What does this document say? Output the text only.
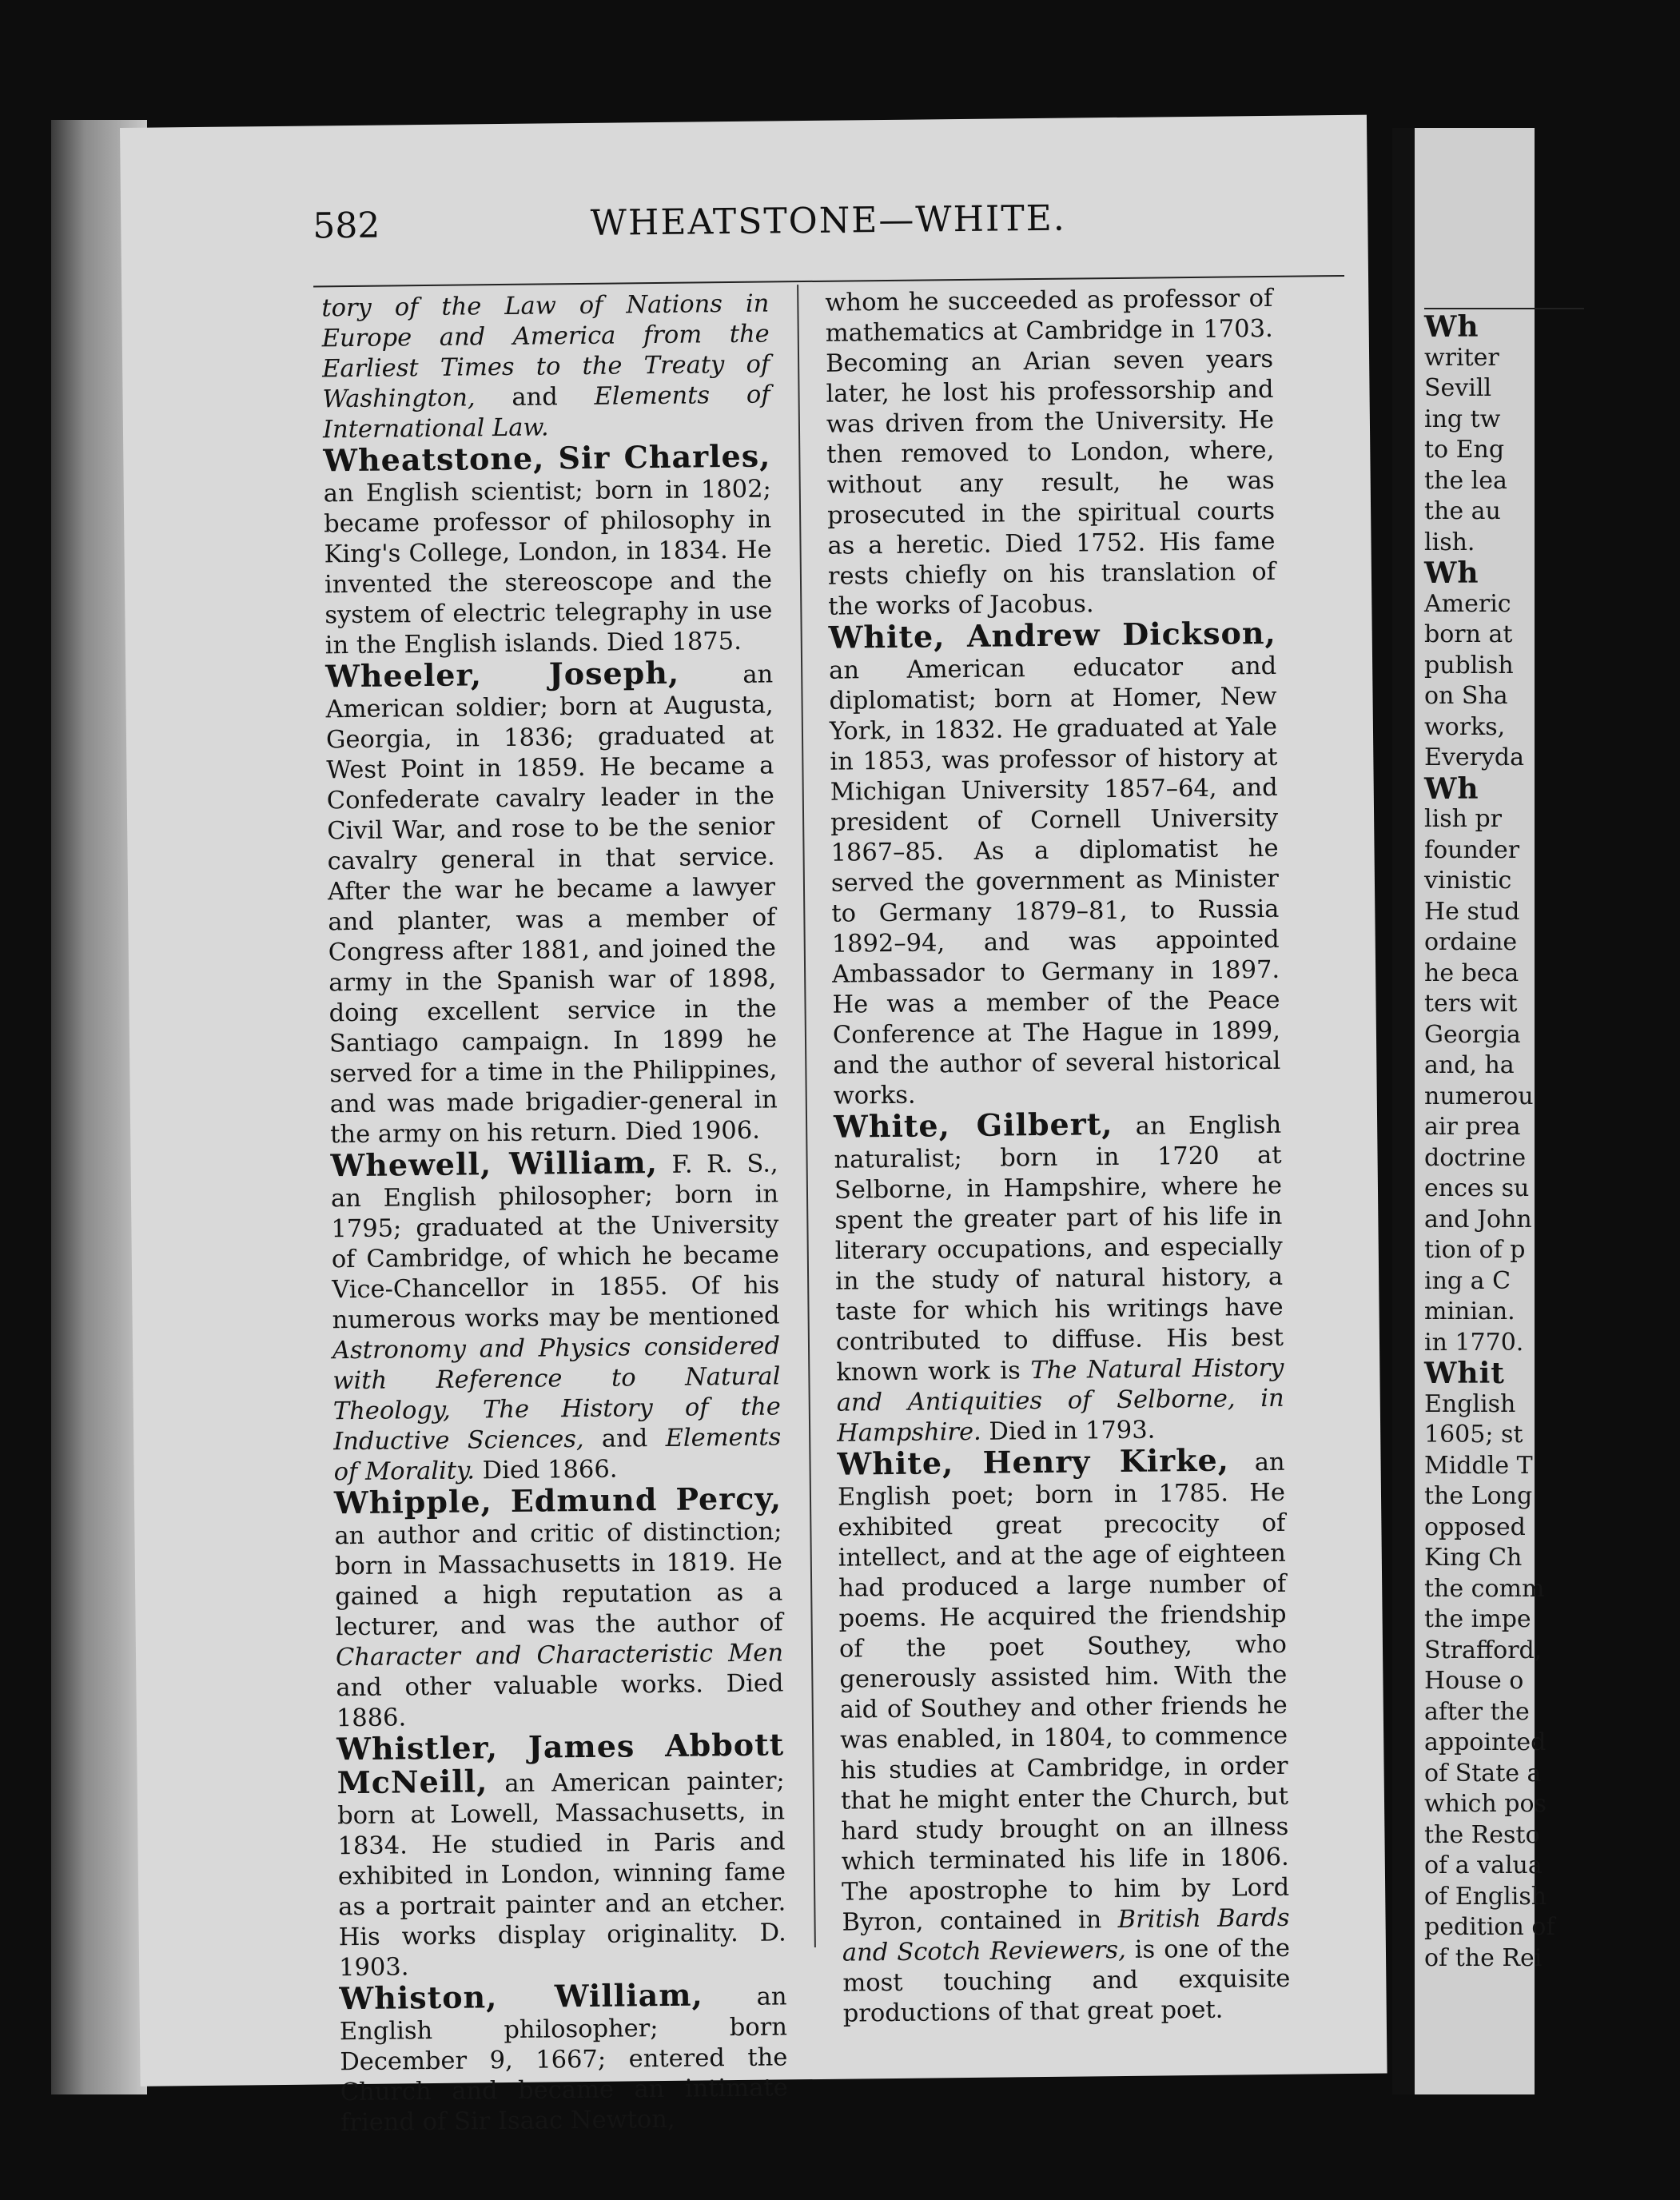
582	WHEATSTONE—WHITE.

tory of the Law of Nations in Europe and America from the Earliest Times to the Treaty of Washington, and Elements of International Law.

Wheatstone, Sir Charles, an English scientist; born in 1802; became professor of philosophy in King's College, London, in 1834. He invented the stereoscope and the system of electric telegraphy in use in the English islands. Died 1875.

Wheeler, Joseph, an American soldier; born at Augusta, Georgia, in 1836; graduated at West Point in 1859. He became a Confederate cavalry leader in the Civil War, and rose to be the senior cavalry general in that service. After the war he became a lawyer and planter, was a member of Congress after 1881, and joined the army in the Spanish war of 1898, doing excellent service in the Santiago campaign. In 1899 he served for a time in the Philippines, and was made brigadier-general in the army on his return. Died 1906.

Whewell, William, F. R. S., an English philosopher; born in 1795; graduated at the University of Cambridge, of which he became Vice-Chancellor in 1855. Of his numerous works may be mentioned Astronomy and Physics considered with Reference to Natural Theology, The History of the Inductive Sciences, and Elements of Morality. Died 1866.

Whipple, Edmund Percy, an author and critic of distinction; born in Massachusetts in 1819. He gained a high reputation as a lecturer, and was the author of Character and Characteristic Men and other valuable works. Died 1886.

Whistler, James Abbott McNeill, an American painter; born at Lowell, Massachusetts, in 1834. He studied in Paris and exhibited in London, winning fame as a portrait painter and an etcher. His works display originality. D. 1903.

Whiston, William, an English philosopher; born December 9, 1667; entered the Church and became an intimate friend of Sir Isaac Newton,

whom he succeeded as professor of mathematics at Cambridge in 1703. Becoming an Arian seven years later, he lost his professorship and was driven from the University. He then removed to London, where, without any result, he was prosecuted in the spiritual courts as a heretic. Died 1752. His fame rests chiefly on his translation of the works of Jacobus.

White, Andrew Dickson, an American educator and diplomatist; born at Homer, New York, in 1832. He graduated at Yale in 1853, was professor of history at Michigan University 1857–64, and president of Cornell University 1867–85. As a diplomatist he served the government as Minister to Germany 1879–81, to Russia 1892–94, and was appointed Ambassador to Germany in 1897. He was a member of the Peace Conference at The Hague in 1899, and the author of several historical works.

White, Gilbert, an English naturalist; born in 1720 at Selborne, in Hampshire, where he spent the greater part of his life in literary occupations, and especially in the study of natural history, a taste for which his writings have contributed to diffuse. His best known work is The Natural History and Antiquities of Selborne, in Hampshire. Died in 1793.

White, Henry Kirke, an English poet; born in 1785. He exhibited great precocity of intellect, and at the age of eighteen had produced a large number of poems. He acquired the friendship of the poet Southey, who generously assisted him. With the aid of Southey and other friends he was enabled, in 1804, to commence his studies at Cambridge, in order that he might enter the Church, but hard study brought on an illness which terminated his life in 1806. The apostrophe to him by Lord Byron, contained in British Bards and Scotch Reviewers, is one of the most touching and exquisite productions of that great poet.

Wh
writer
Sevill
ing tw
to Eng
the lea
the au
lish.
Wh
Americ
born at
publish
on Sha
works,
Everyda
Wh
lish pr
founder
vinistic
He stud
ordaine
he beca
ters wit
Georgia
and, ha
numerou
air prea
doctrine
ences su
and John
tion of p
ing a C
minian.
in 1770.
Whit
English
1605; st
Middle T
the Long
opposed
King Ch
the comm
the impe
Strafford,
House o
after the
appointed
of State a
which pos
the Resto
of a valua
of English
pedition of
of the Rei
